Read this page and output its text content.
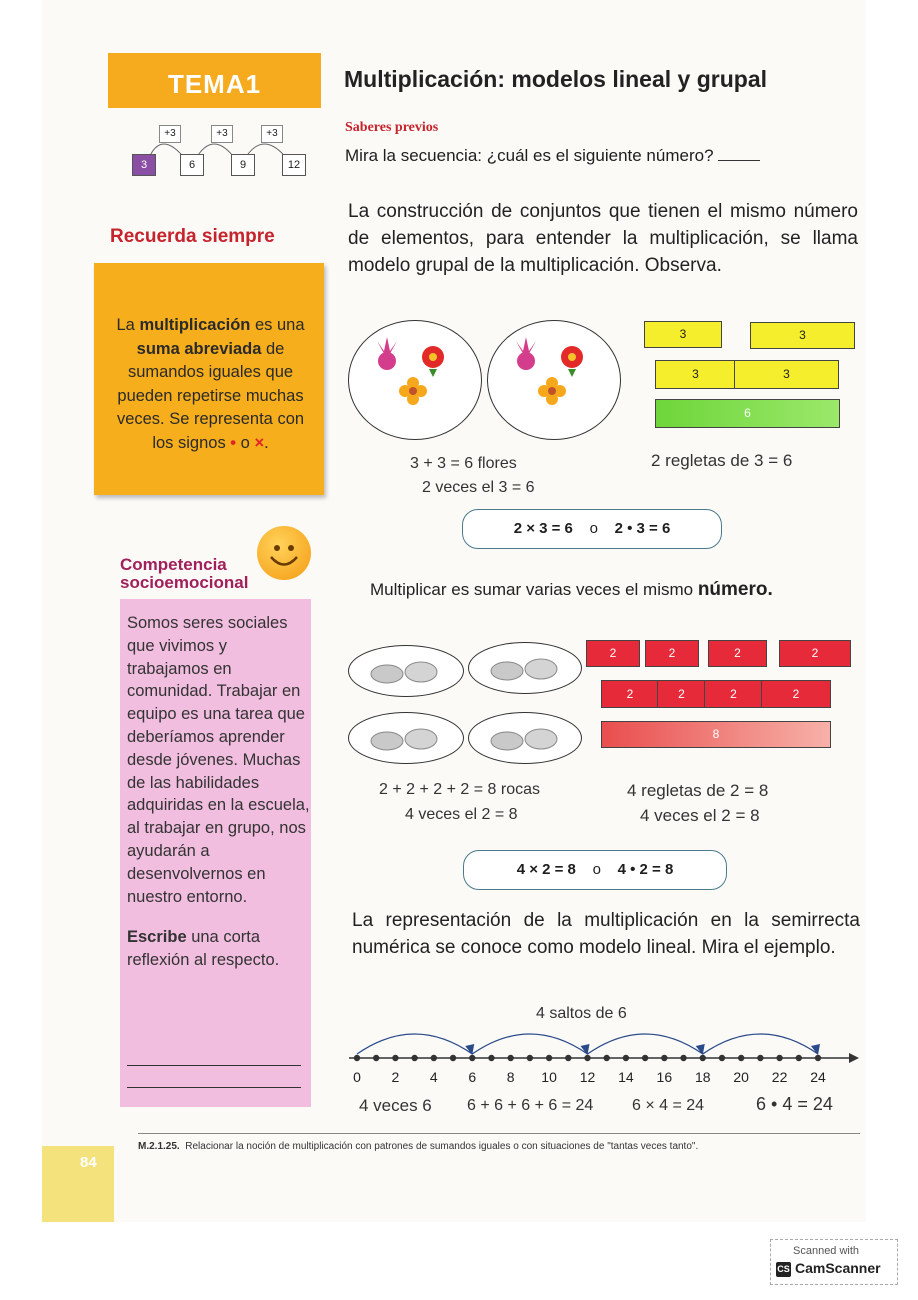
TEMA1	Multiplicación: modelos lineal y grupal
Saberes previos
Mira la secuencia: ¿cuál es el siguiente número?
+3	+3	+3
3	6	9	12
Recuerda siempre
La multiplicación es una suma abreviada de sumandos iguales que pueden repetirse muchas veces. Se representa con los signos • o ×.
Competencia
socioemocional
Somos seres sociales que vivimos y trabajamos en comunidad. Trabajar en equipo es una tarea que deberíamos aprender desde jóvenes. Muchas de las habilidades adquiridas en la escuela, al trabajar en grupo, nos ayudarán a desenvolvernos en nuestro entorno.
Escribe una corta reflexión al respecto.
La construcción de conjuntos que tienen el mismo número de elementos, para entender la multiplicación, se llama modelo grupal de la multiplicación. Observa.
3	3
3	3
6
3 + 3 = 6 flores
2 veces el 3 = 6
2 regletas de 3 = 6
2 × 3 = 6 o 2 • 3 = 6
Multiplicar es sumar varias veces el mismo número.
2	2	2	2
2	2	2	2
8
2 + 2 + 2 + 2 = 8 rocas
4 veces el 2 = 8
4 regletas de 2 = 8
4 veces el 2 = 8
4 × 2 = 8 o 4 • 2 = 8
La representación de la multiplicación en la semirrecta numérica se conoce como modelo lineal. Mira el ejemplo.
4 saltos de 6
0 2 4 6 8 10 12 14 16 18 20 22 24
4 veces 6 6 + 6 + 6 + 6 = 24 6 × 4 = 24	6 • 4 = 24
M.2.1.25. Relacionar la noción de multiplicación con patrones de sumandos iguales o con situaciones de "tantas veces tanto".
84
Scanned with
CS CamScanner
